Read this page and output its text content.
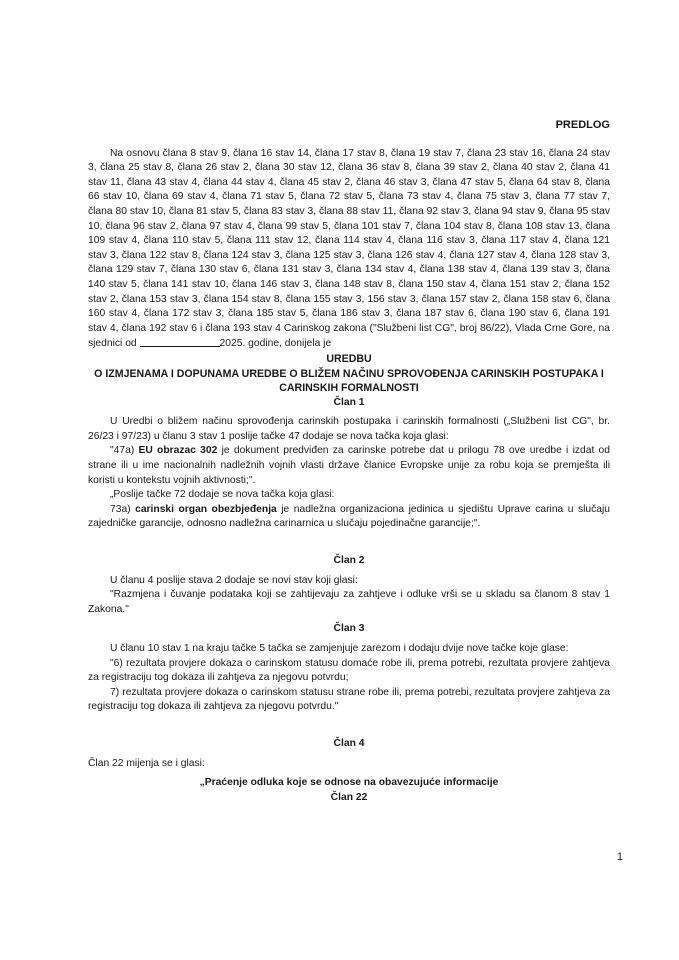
PREDLOG

Na osnovu člana 8 stav 9, člana 16 stav 14, člana 17 stav 8, člana 19 stav 7, člana 23 stav 16, člana 24 stav 3, člana 25 stav 8, člana 26 stav 2, člana 30 stav 12, člana 36 stav 8, člana 39 stav 2, člana 40 stav 2, člana 41 stav 11, člana 43 stav 4, člana 44 stav 4, člana 45 stav 2, člana 46 stav 3, člana 47 stav 5, člana 64 stav 8, člana 66 stav 10, člana 69 stav 4, člana 71 stav 5, člana 72 stav 5, člana 73 stav 4, člana 75 stav 3, člana 77 stav 7, člana 80 stav 10, člana 81 stav 5, člana 83 stav 3, člana 88 stav 11, člana 92 stav 3, člana 94 stav 9, člana 95 stav 10, člana 96 stav 2, člana 97 stav 4, člana 99 stav 5, člana 101 stav 7, člana 104 stav 8, člana 108 stav 13, člana 109 stav 4, člana 110 stav 5, člana 111 stav 12, člana 114 stav 4, člana 116 stav 3, člana 117 stav 4, člana 121 stav 3, člana 122 stav 8, člana 124 stav 3, člana 125 stav 3, člana 126 stav 4, člana 127 stav 4, člana 128 stav 3, člana 129 stav 7, člana 130 stav 6, člana 131 stav 3, člana 134 stav 4, člana 138 stav 4, člana 139 stav 3, člana 140 stav 5, člana 141 stav 10, člana 146 stav 3, člana 148 stav 8, člana 150 stav 4, člana 151 stav 2, člana 152 stav 2, člana 153 stav 3, člana 154 stav 8, člana 155 stav 3, 156 stav 3, člana 157 stav 2, člana 158 stav 6, člana 160 stav 4, člana 172 stav 3, člana 185 stav 5, člana 186 stav 3, člana 187 stav 6, člana 190 stav 6, člana 191 stav 4, člana 192 stav 6 i člana 193 stav 4 Carinskog zakona ("Službeni list CG", broj 86/22), Vlada Crne Gore, na sjednici od	2025. godine, donijela je

UREDBU

O IZMJENAMA I DOPUNAMA UREDBE O BLIŽEM NAČINU SPROVOĐENJA CARINSKIH POSTUPAKA I CARINSKIH FORMALNOSTI

Član 1

U Uredbi o bližem načinu sprovođenja carinskih postupaka i carinskih formalnosti („Službeni list CG", br. 26/23 i 97/23) u članu 3 stav 1 poslije tačke 47 dodaje se nova tačka koja glasi:

"47a) EU obrazac 302 je dokument predviđen za carinske potrebe dat u prilogu 78 ove uredbe i izdat od strane ili u ime nacionalnih nadležnih vojnih vlasti države članice Evropske unije za robu koja se premješta ili koristi u kontekstu vojnih aktivnosti;".

„Poslije tačke 72 dodaje se nova tačka koja glasi:

73a) carinski organ obezbjeđenja je nadležna organizaciona jedinica u sjedištu Uprave carina u slučaju zajedničke garancije, odnosno nadležna carinarnica u slučaju pojedinačne garancije;".

Član 2

U članu 4 poslije stava 2 dodaje se novi stav koji glasi:

"Razmjena i čuvanje podataka koji se zahtijevaju za zahtjeve i odluke vrši se u skladu sa članom 8 stav 1 Zakona."

Član 3

U članu 10 stav 1 na kraju tačke 5 tačka se zamjenjuje zarezom i dodaju dvije nove tačke koje glase:

"6) rezultata provjere dokaza o carinskom statusu domaće robe ili, prema potrebi, rezultata provjere zahtjeva za registraciju tog dokaza ili zahtjeva za njegovu potvrdu;

7) rezultata provjere dokaza o carinskom statusu strane robe ili, prema potrebi, rezultata provjere zahtjeva za registraciju tog dokaza ili zahtjeva za njegovu potvrdu."

Član 4

Član 22 mijenja se i glasi:

„Praćenje odluka koje se odnose na obavezujuće informacije

Član 22

1
